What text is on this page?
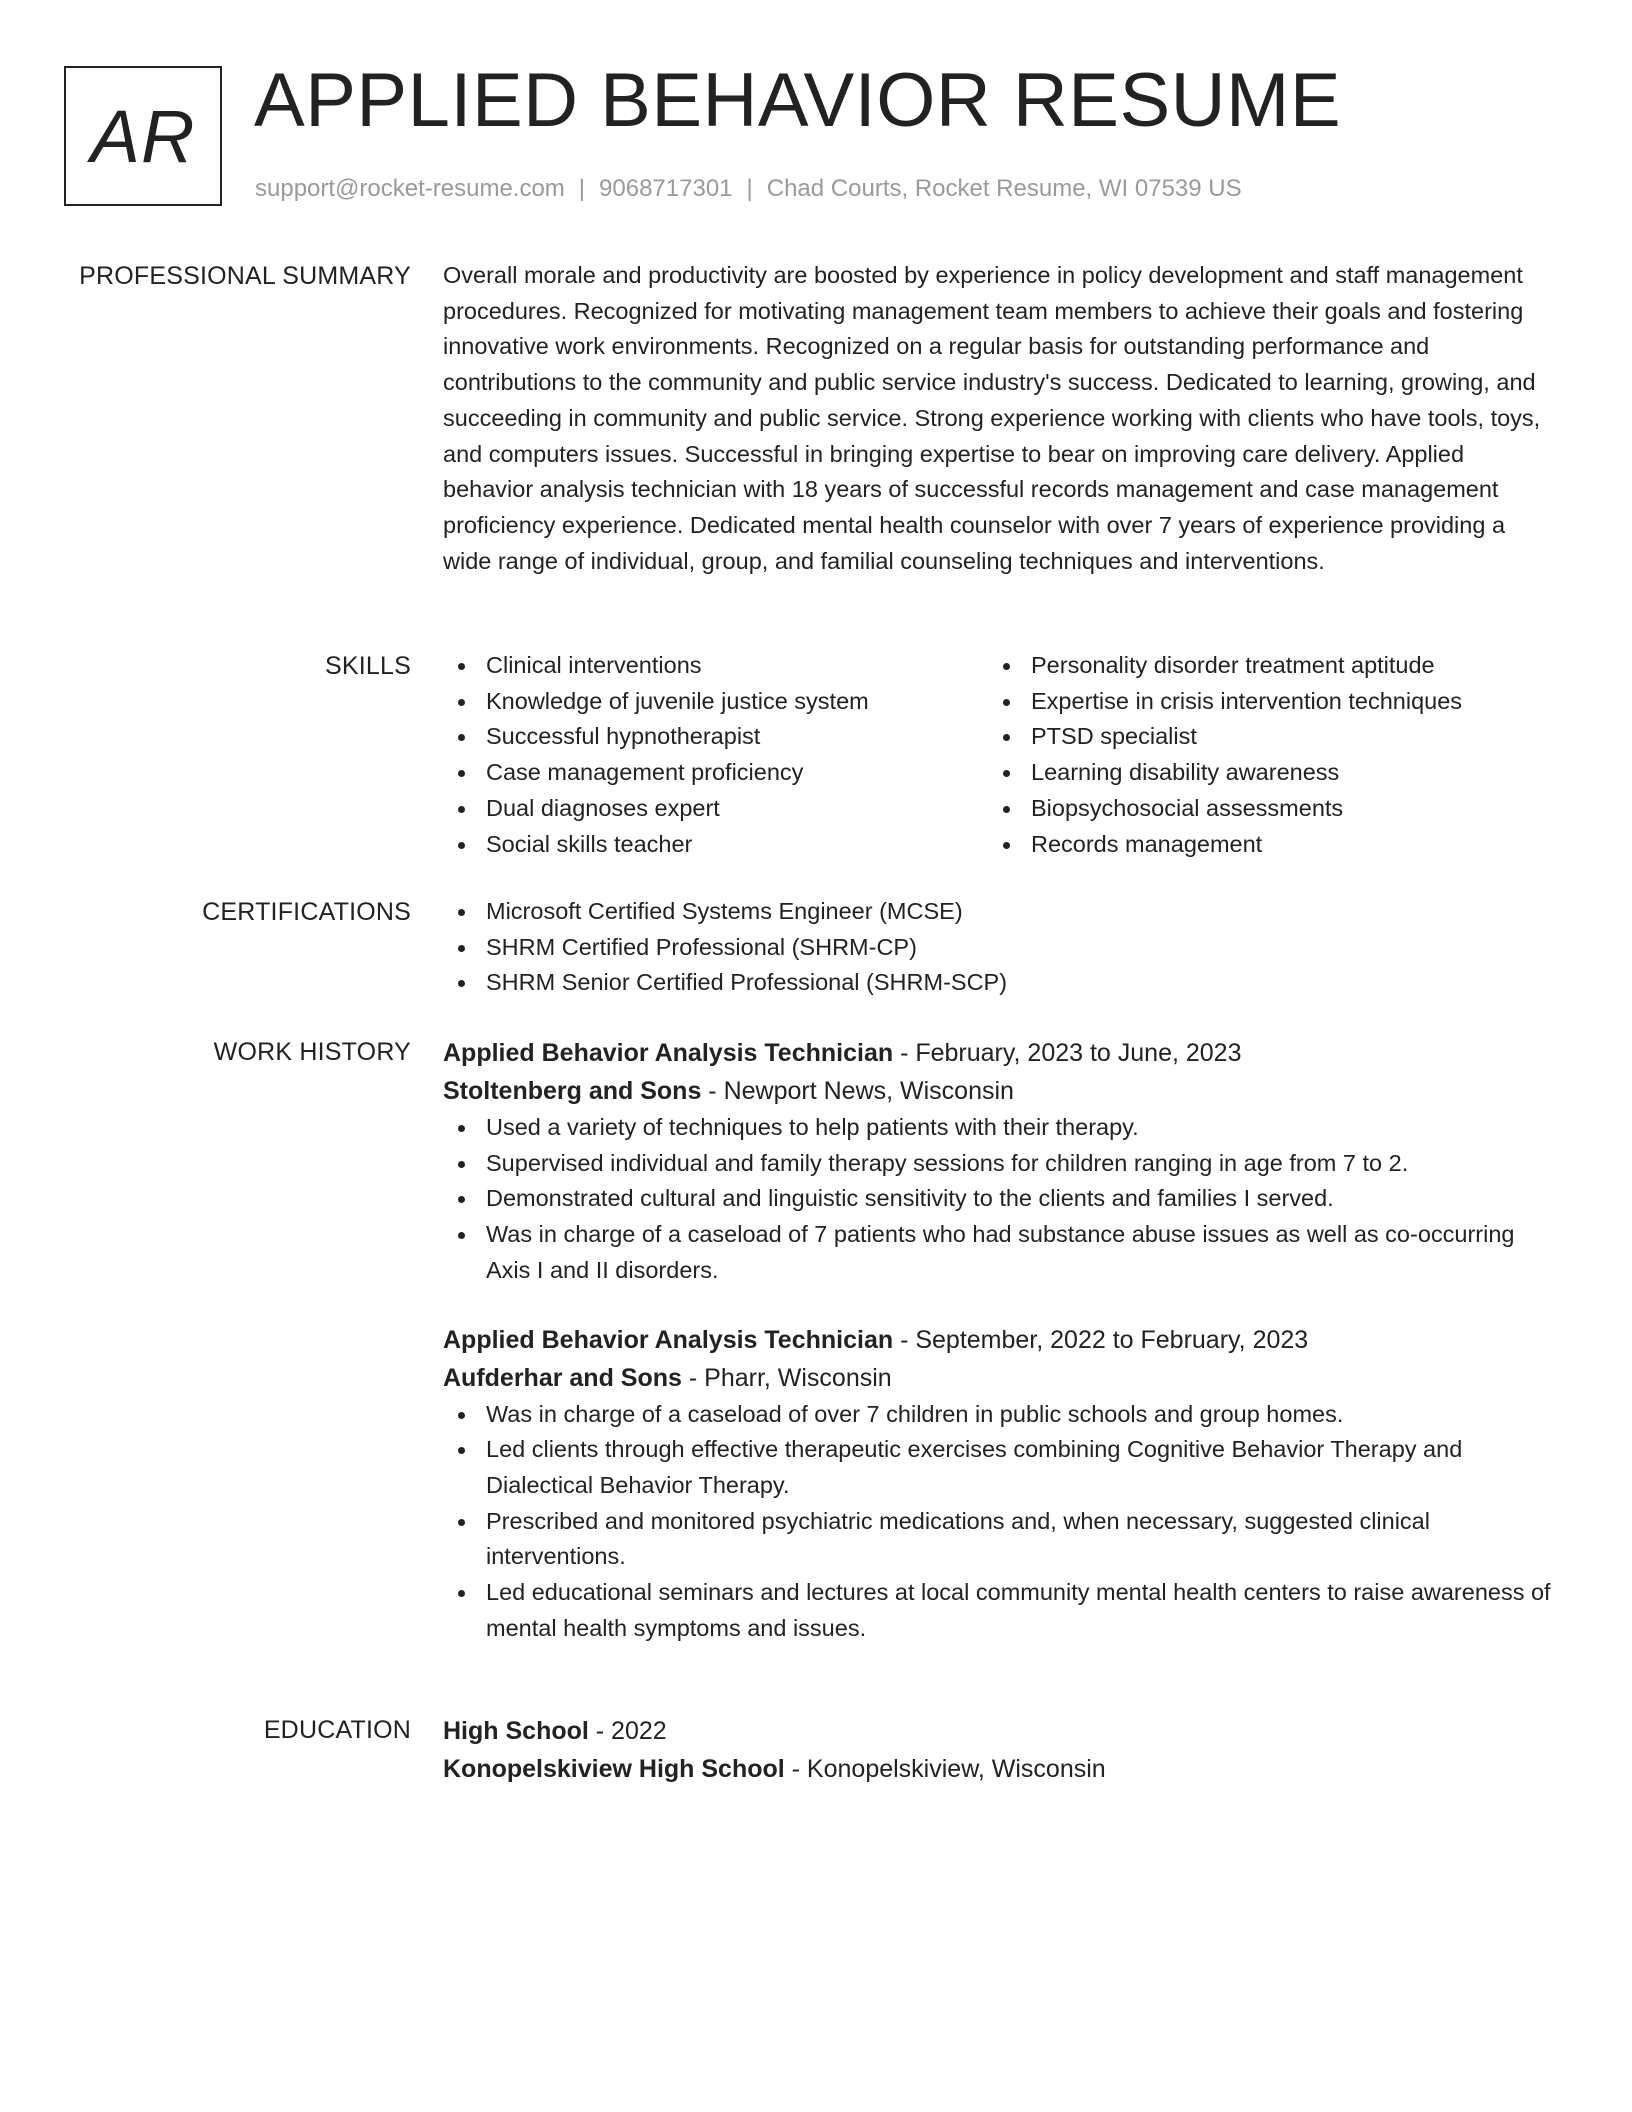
AR APPLIED BEHAVIOR RESUME
support@rocket-resume.com | 9068717301 | Chad Courts, Rocket Resume, WI 07539 US
PROFESSIONAL SUMMARY Overall morale and productivity are boosted by experience in policy development and staff management procedures. Recognized for motivating management team members to achieve their goals and fostering innovative work environments. Recognized on a regular basis for outstanding performance and contributions to the community and public service industry's success. Dedicated to learning, growing, and succeeding in community and public service. Strong experience working with clients who have tools, toys, and computers issues. Successful in bringing expertise to bear on improving care delivery. Applied behavior analysis technician with 18 years of successful records management and case management proficiency experience. Dedicated mental health counselor with over 7 years of experience providing a wide range of individual, group, and familial counseling techniques and interventions.

SKILLS	Clinical interventions
Knowledge of juvenile justice system
Successful hypnotherapist
Case management proficiency
Dual diagnoses expert
Social skills teacher
Personality disorder treatment aptitude
Expertise in crisis intervention techniques
PTSD specialist
Learning disability awareness
Biopsychosocial assessments
Records management
CERTIFICATIONS	Microsoft Certified Systems Engineer (MCSE)
SHRM Certified Professional (SHRM-CP)
SHRM Senior Certified Professional (SHRM-SCP)
WORK HISTORY Applied Behavior Analysis Technician - February, 2023 to June, 2023
Stoltenberg and Sons - Newport News, Wisconsin
Used a variety of techniques to help patients with their therapy.
Supervised individual and family therapy sessions for children ranging in age from 7 to 2.
Demonstrated cultural and linguistic sensitivity to the clients and families I served.
Was in charge of a caseload of 7 patients who had substance abuse issues as well as co-occurring Axis I and II disorders.
Applied Behavior Analysis Technician - September, 2022 to February, 2023
Aufderhar and Sons - Pharr, Wisconsin
Was in charge of a caseload of over 7 children in public schools and group homes.
Led clients through effective therapeutic exercises combining Cognitive Behavior Therapy and Dialectical Behavior Therapy.
Prescribed and monitored psychiatric medications and, when necessary, suggested clinical interventions.
Led educational seminars and lectures at local community mental health centers to raise awareness of mental health symptoms and issues.
EDUCATION High School - 2022
Konopelskiview High School - Konopelskiview, Wisconsin
